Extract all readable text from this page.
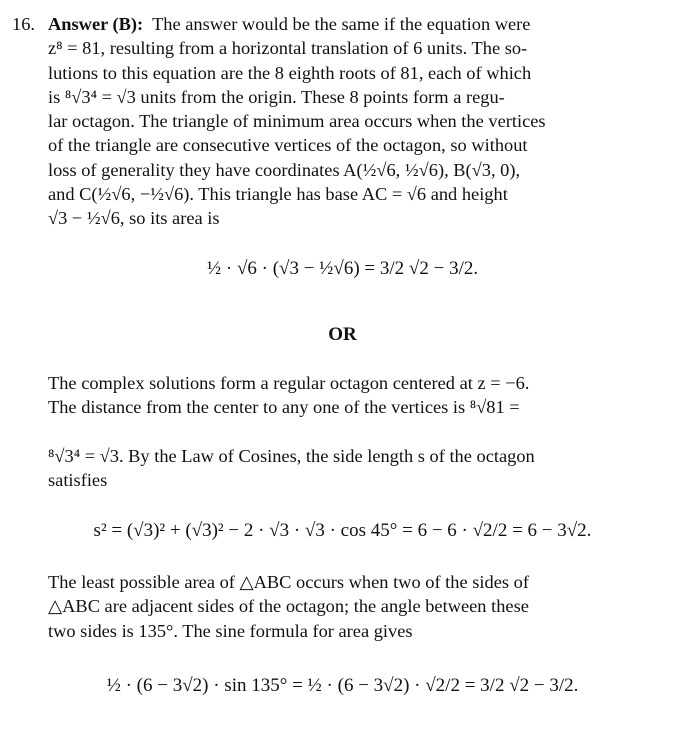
16. Answer (B): The answer would be the same if the equation were
z⁸ = 81, resulting from a horizontal translation of 6 units. The so-
lutions to this equation are the 8 eighth roots of 81, each of which
is ⁸√3⁴ = √3 units from the origin. These 8 points form a regu-
lar octagon. The triangle of minimum area occurs when the vertices
of the triangle are consecutive vertices of the octagon, so without
loss of generality they have coordinates A(½√6, ½√6), B(√3, 0),
and C(½√6, −½√6). This triangle has base AC = √6 and height
√3 − ½√6, so its area is
½ · √6 · (√3 − ½√6) = 3/2 √2 − 3/2.
OR
The complex solutions form a regular octagon centered at z = −6.
The distance from the center to any one of the vertices is ⁸√81 =
⁸√3⁴ = √3. By the Law of Cosines, the side length s of the octagon
satisfies
s² = (√3)² + (√3)² − 2 · √3 · √3 · cos 45° = 6 − 6 · √2/2 = 6 − 3√2.
The least possible area of △ABC occurs when two of the sides of
△ABC are adjacent sides of the octagon; the angle between these
two sides is 135°. The sine formula for area gives
½ · (6 − 3√2) · sin 135° = ½ · (6 − 3√2) · √2/2 = 3/2 √2 − 3/2.
